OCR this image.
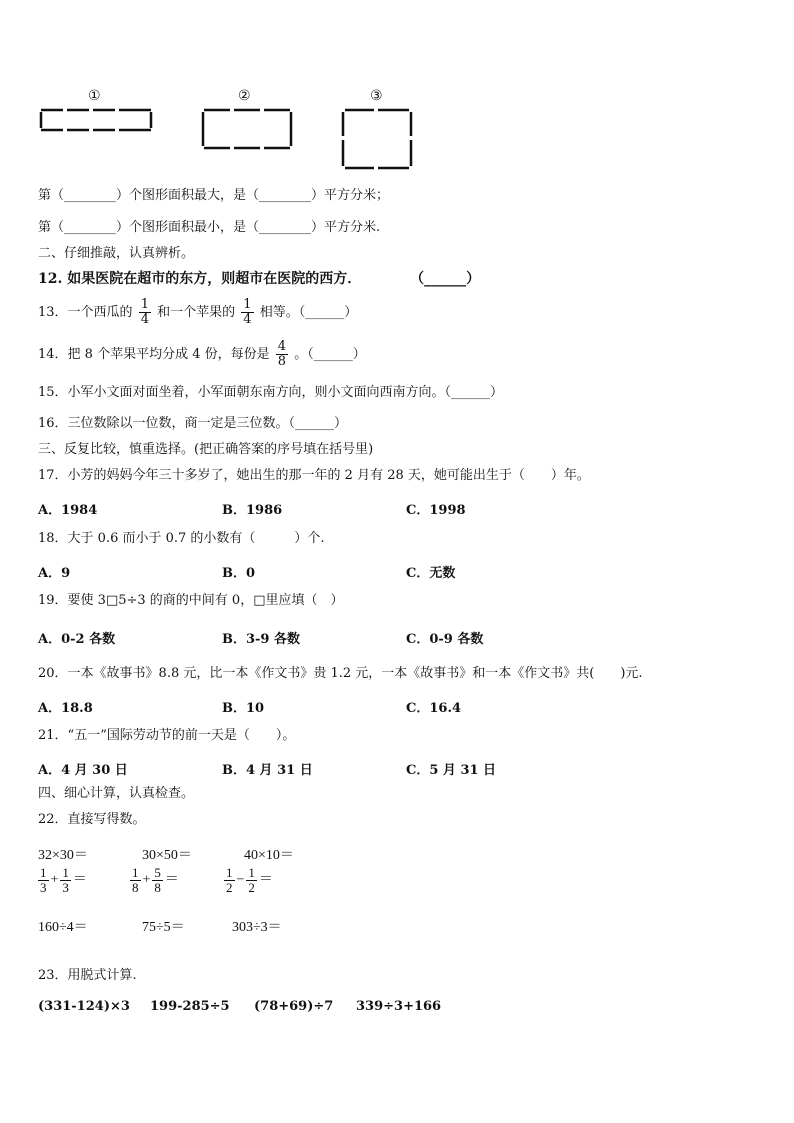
①	②	③
第（________）个图形面积最大，是（________）平方分米；
第（________）个图形面积最小，是（________）平方分米.
二、仔细推敲，认真辨析。
12. 如果医院在超市的东方，则超市在医院的西方．	（______）
13．一个西瓜的 $\frac{1}{4}$ 和一个苹果的 $\frac{1}{4}$ 相等。（______）
14．把 8 个苹果平均分成 4 份，每份是 $\frac{4}{8}$ 。（______）
15．小军小文面对面坐着，小军面朝东南方向，则小文面向西南方向。（______）
16．三位数除以一位数，商一定是三位数。（______）
三、反复比较，慎重选择。(把正确答案的序号填在括号里)
17．小芳的妈妈今年三十多岁了，她出生的那一年的 2 月有 28 天，她可能出生于（　　）年。
A．1984	B．1986	C．1998
18．大于 0.6 而小于 0.7 的小数有（　　　）个.
A．9	B．0	C．无数
19．要使 3□5÷3 的商的中间有 0，□里应填（　）
A．0-2 各数	B．3-9 各数	C．0-9 各数
20．一本《故事书》8.8 元，比一本《作文书》贵 1.2 元，一本《故事书》和一本《作文书》共(　　)元.
A．18.8	B．10	C．16.4
21．“五一”国际劳动节的前一天是（　　）。
A．4 月 30 日	B．4 月 31 日	C．5 月 31 日
四、细心计算，认真检查。
22．直接写得数。
32×30＝	30×50＝	40×10＝
$\frac{1}{3} + \frac{1}{3}$ ＝	$\frac{1}{8} + \frac{5}{8}$ ＝	$\frac{1}{2} - \frac{1}{2}$ ＝
160÷4＝	75÷5＝	303÷3＝
23．用脱式计算.
(331-124)×3 199-285÷5 (78+69)÷7 339÷3+166
